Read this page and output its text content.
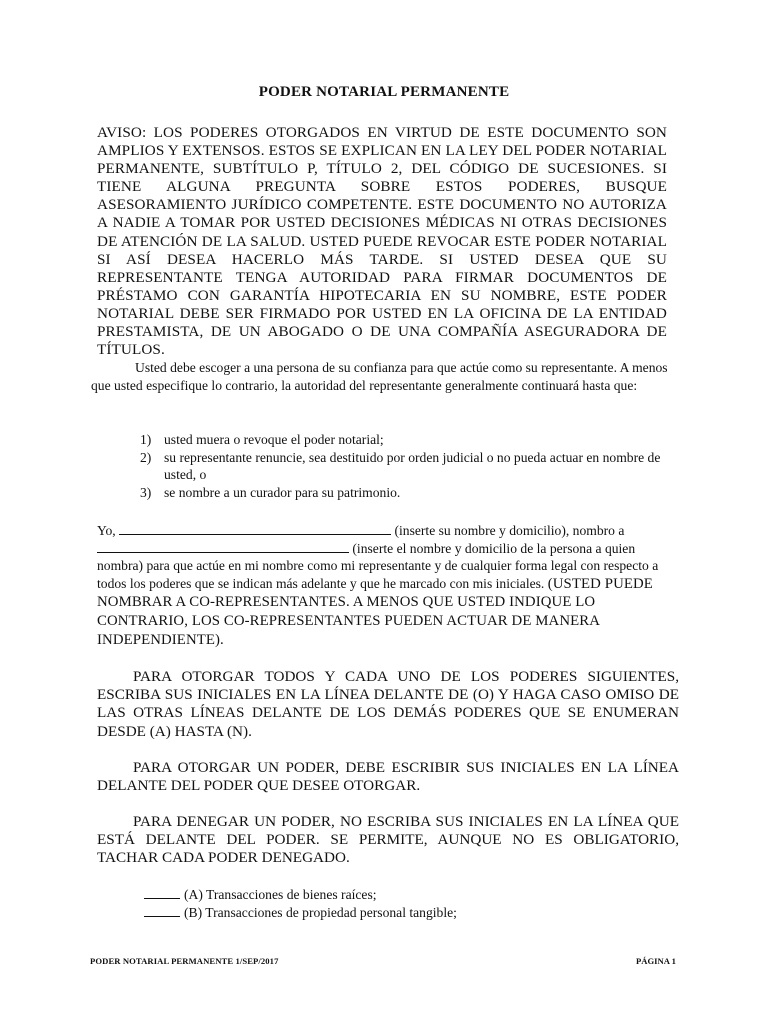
PODER NOTARIAL PERMANENTE
AVISO: LOS PODERES OTORGADOS EN VIRTUD DE ESTE DOCUMENTO SON AMPLIOS Y EXTENSOS. ESTOS SE EXPLICAN EN LA LEY DEL PODER NOTARIAL PERMANENTE, SUBTÍTULO P, TÍTULO 2, DEL CÓDIGO DE SUCESIONES. SI TIENE ALGUNA PREGUNTA SOBRE ESTOS PODERES, BUSQUE ASESORAMIENTO JURÍDICO COMPETENTE. ESTE DOCUMENTO NO AUTORIZA A NADIE A TOMAR POR USTED DECISIONES MÉDICAS NI OTRAS DECISIONES DE ATENCIÓN DE LA SALUD. USTED PUEDE REVOCAR ESTE PODER NOTARIAL SI ASÍ DESEA HACERLO MÁS TARDE. SI USTED DESEA QUE SU REPRESENTANTE TENGA AUTORIDAD PARA FIRMAR DOCUMENTOS DE PRÉSTAMO CON GARANTÍA HIPOTECARIA EN SU NOMBRE, ESTE PODER NOTARIAL DEBE SER FIRMADO POR USTED EN LA OFICINA DE LA ENTIDAD PRESTAMISTA, DE UN ABOGADO O DE UNA COMPAÑÍA ASEGURADORA DE TÍTULOS.
Usted debe escoger a una persona de su confianza para que actúe como su representante. A menos que usted especifique lo contrario, la autoridad del representante generalmente continuará hasta que:
1) usted muera o revoque el poder notarial;
2) su representante renuncie, sea destituido por orden judicial o no pueda actuar en nombre de usted, o
3) se nombre a un curador para su patrimonio.
Yo,	(inserte su nombre y domicilio), nombro a
(inserte el nombre y domicilio de la persona a quien nombra) para que actúe en mi nombre como mi representante y de cualquier forma legal con respecto a todos los poderes que se indican más adelante y que he marcado con mis iniciales. (USTED PUEDE NOMBRAR A CO-REPRESENTANTES. A MENOS QUE USTED INDIQUE LO CONTRARIO, LOS CO-REPRESENTANTES PUEDEN ACTUAR DE MANERA INDEPENDIENTE).
PARA OTORGAR TODOS Y CADA UNO DE LOS PODERES SIGUIENTES, ESCRIBA SUS INICIALES EN LA LÍNEA DELANTE DE (O) Y HAGA CASO OMISO DE LAS OTRAS LÍNEAS DELANTE DE LOS DEMÁS PODERES QUE SE ENUMERAN DESDE (A) HASTA (N).
PARA OTORGAR UN PODER, DEBE ESCRIBIR SUS INICIALES EN LA LÍNEA DELANTE DEL PODER QUE DESEE OTORGAR.
PARA DENEGAR UN PODER, NO ESCRIBA SUS INICIALES EN LA LÍNEA QUE ESTÁ DELANTE DEL PODER. SE PERMITE, AUNQUE NO ES OBLIGATORIO, TACHAR CADA PODER DENEGADO.
(A) Transacciones de bienes raíces;
(B) Transacciones de propiedad personal tangible;
PODER NOTARIAL PERMANENTE 1/SEP/2017	PÁGINA 1
